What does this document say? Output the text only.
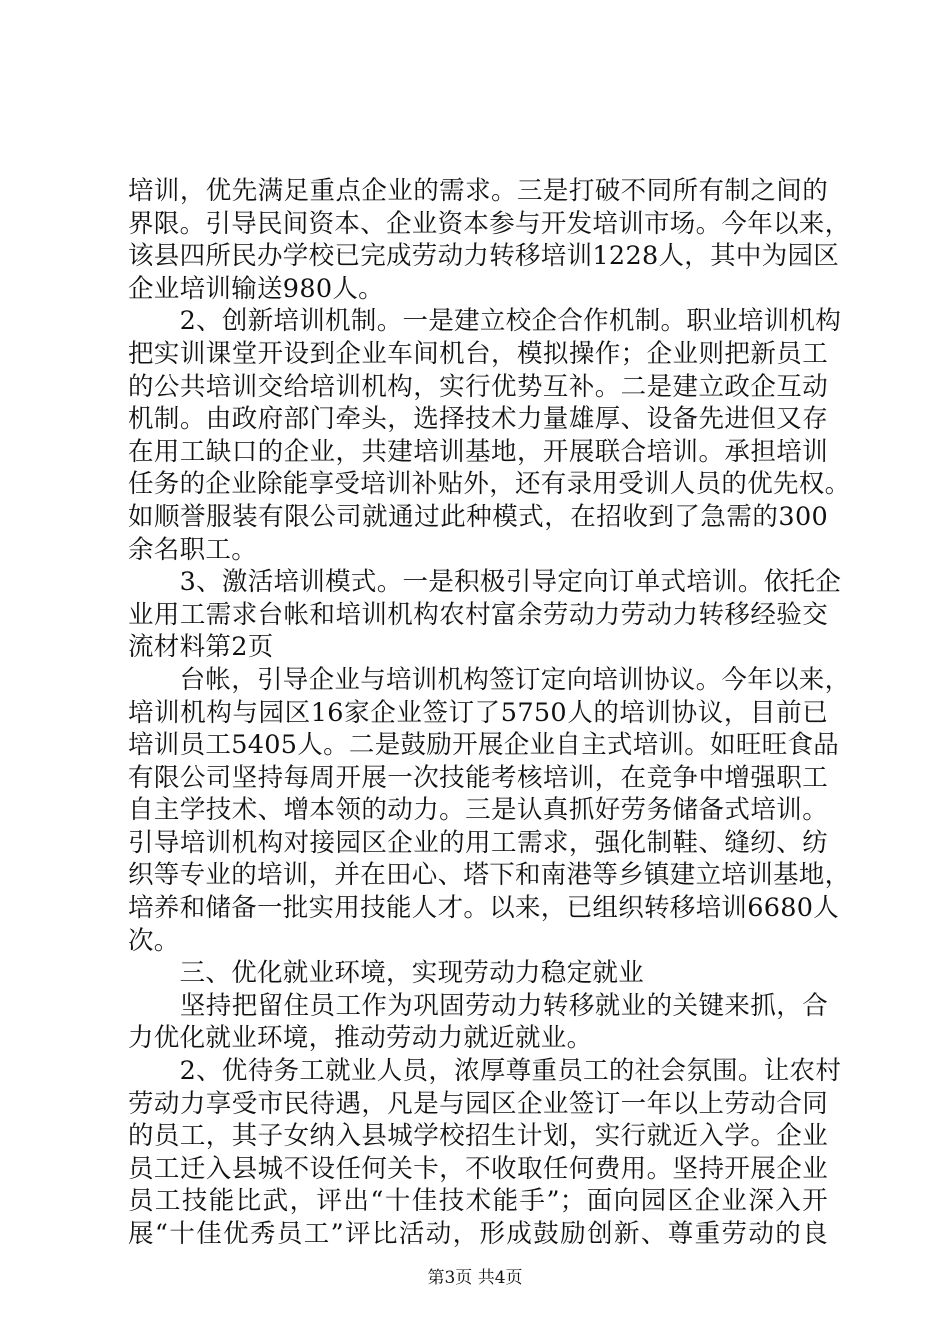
培训，优先满足重点企业的需求。三是打破不同所有制之间的
界限。引导民间资本、企业资本参与开发培训市场。今年以来，
该县四所民办学校已完成劳动力转移培训1228人，其中为园区
企业培训输送980人。
　　2、创新培训机制。一是建立校企合作机制。职业培训机构
把实训课堂开设到企业车间机台，模拟操作；企业则把新员工
的公共培训交给培训机构，实行优势互补。二是建立政企互动
机制。由政府部门牵头，选择技术力量雄厚、设备先进但又存
在用工缺口的企业，共建培训基地，开展联合培训。承担培训
任务的企业除能享受培训补贴外，还有录用受训人员的优先权。
如顺誉服装有限公司就通过此种模式，在招收到了急需的300
余名职工。
　　3、激活培训模式。一是积极引导定向订单式培训。依托企
业用工需求台帐和培训机构农村富余劳动力劳动力转移经验交
流材料第2页
　　台帐，引导企业与培训机构签订定向培训协议。今年以来，
培训机构与园区16家企业签订了5750人的培训协议，目前已
培训员工5405人。二是鼓励开展企业自主式培训。如旺旺食品
有限公司坚持每周开展一次技能考核培训，在竞争中增强职工
自主学技术、增本领的动力。三是认真抓好劳务储备式培训。
引导培训机构对接园区企业的用工需求，强化制鞋、缝纫、纺
织等专业的培训，并在田心、塔下和南港等乡镇建立培训基地，
培养和储备一批实用技能人才。以来，已组织转移培训6680人
次。
　　三、优化就业环境，实现劳动力稳定就业
　　坚持把留住员工作为巩固劳动力转移就业的关键来抓，合
力优化就业环境，推动劳动力就近就业。
　　2、优待务工就业人员，浓厚尊重员工的社会氛围。让农村
劳动力享受市民待遇，凡是与园区企业签订一年以上劳动合同
的员工，其子女纳入县城学校招生计划，实行就近入学。企业
员工迁入县城不设任何关卡，不收取任何费用。坚持开展企业
员工技能比武，评出“十佳技术能手”；面向园区企业深入开
展“十佳优秀员工”评比活动，形成鼓励创新、尊重劳动的良
第3页 共4页
